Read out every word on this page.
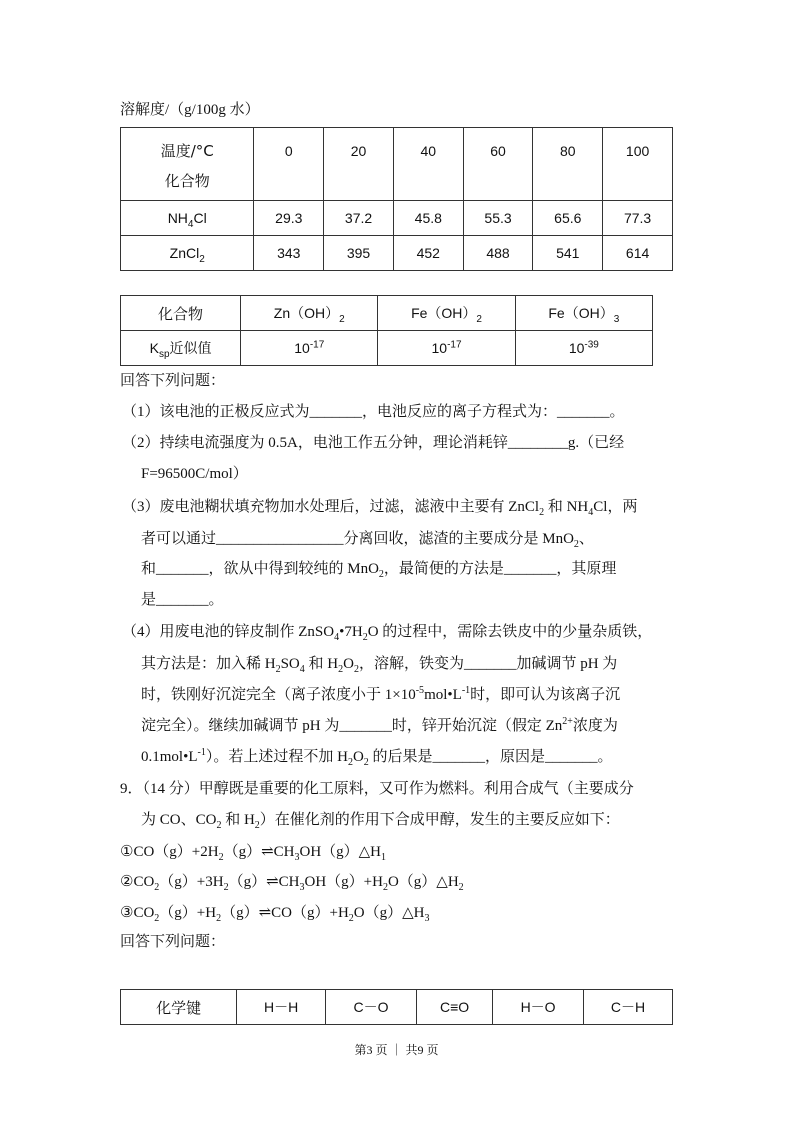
溶解度/（g/100g 水）
温度/°C
化合物	0	20	40	60	80	100
$NH_4Cl$	29.3	37.2	45.8	55.3	65.6	77.3
ZnCl$_2$	343	395	452	488	541	614
化合物	$Zn(OH)_2$	$Fe(OH)_2$	$Fe(OH)_3$
$K_{sp}$近似值	$10^{-17}$	$10^{-17}$	$10^{-39}$
回答下列问题：
（1）该电池的正极反应式为_______，电池反应的离子方程式为：_______。
（2）持续电流强度为 0.5A，电池工作五分钟，理论消耗锌________g.（已经
F=96500C/mol）
（3）废电池糊状填充物加水处理后，过滤，滤液中主要有 ZnCl$_2$ 和 $NH_4Cl$，两
者可以通过_________________分离回收，滤渣的主要成分是 MnO$_2$、
和_______，欲从中得到较纯的 MnO$_2$，最简便的方法是_______，其原理
是_______。
（4）用废电池的锌皮制作 $ZnSO_4•7H_2O$ 的过程中，需除去铁皮中的少量杂质铁，
其方法是：加入稀 $H_2SO_4$ 和 $H_2O_2$，溶解，铁变为_______加碱调节 pH 为
时，铁刚好沉淀完全（离子浓度小于 $1\times 10^{-5}mol•L^{-1}$时，即可认为该离子沉
淀完全）。继续加碱调节 pH 为_______时，锌开始沉淀（假定 $Zn^{2+}$浓度为
$0.1mol•L^{-1}$）。若上述过程不加 $H_2O_2$ 的后果是_______，原因是_______。
9．（14 分）甲醇既是重要的化工原料，又可作为燃料。利用合成气（主要成分
为 CO、$CO_2$ 和 $H_2$）在催化剂的作用下合成甲醇，发生的主要反应如下：
$①CO(g)+2H_2(g)\rightleftharpoons CH_3OH(g)\triangle H_1$
$②CO_2(g)+3H_2(g)\rightleftharpoons CH_3OH(g)+H_2O(g)\triangle H_2$
$③CO_2(g)+H_2(g)\rightleftharpoons CO(g)+H_2O(g)\triangle H_3$
回答下列问题：
化学键	H－H	C－O	C≡O	H－O	C－H
第3 页 ｜ 共9 页
